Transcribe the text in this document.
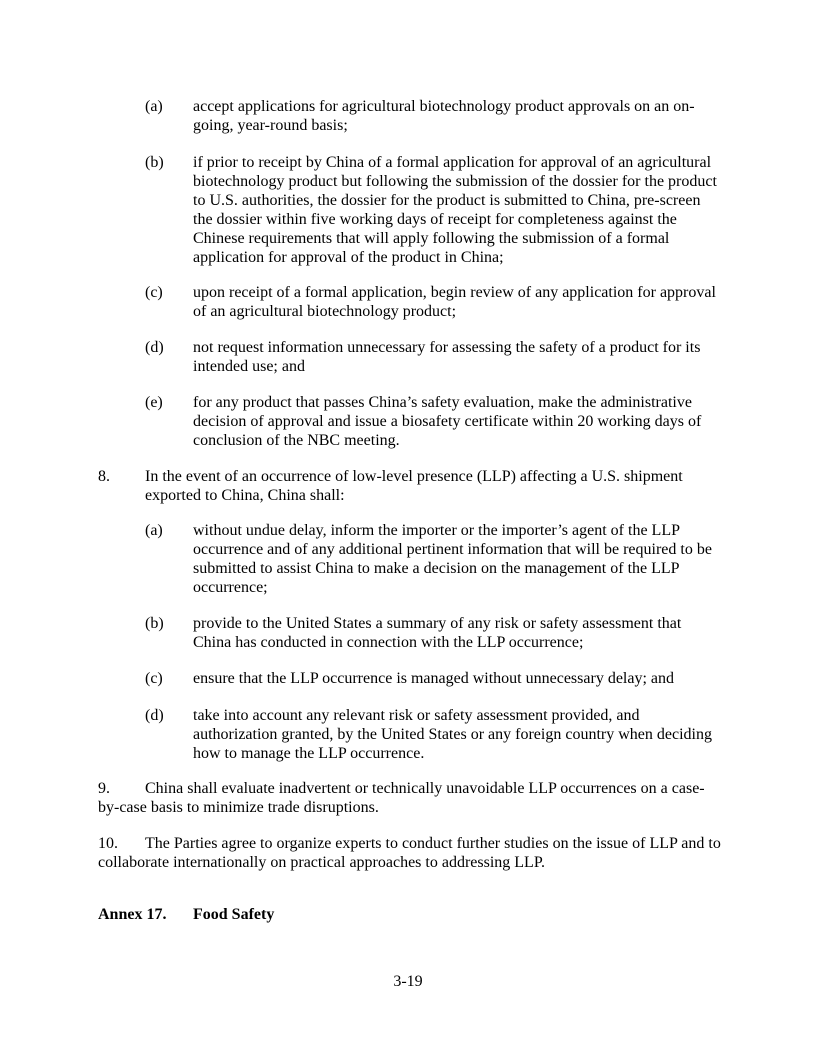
(a) accept applications for agricultural biotechnology product approvals on an on-going, year-round basis;
(b) if prior to receipt by China of a formal application for approval of an agricultural biotechnology product but following the submission of the dossier for the product to U.S. authorities, the dossier for the product is submitted to China, pre-screen the dossier within five working days of receipt for completeness against the Chinese requirements that will apply following the submission of a formal application for approval of the product in China;
(c) upon receipt of a formal application, begin review of any application for approval of an agricultural biotechnology product;
(d) not request information unnecessary for assessing the safety of a product for its intended use; and
(e) for any product that passes China’s safety evaluation, make the administrative decision of approval and issue a biosafety certificate within 20 working days of conclusion of the NBC meeting.
8. In the event of an occurrence of low-level presence (LLP) affecting a U.S. shipment exported to China, China shall:
(a) without undue delay, inform the importer or the importer’s agent of the LLP occurrence and of any additional pertinent information that will be required to be submitted to assist China to make a decision on the management of the LLP occurrence;
(b) provide to the United States a summary of any risk or safety assessment that China has conducted in connection with the LLP occurrence;
(c) ensure that the LLP occurrence is managed without unnecessary delay; and
(d) take into account any relevant risk or safety assessment provided, and authorization granted, by the United States or any foreign country when deciding how to manage the LLP occurrence.
9. China shall evaluate inadvertent or technically unavoidable LLP occurrences on a case-by-case basis to minimize trade disruptions.
10. The Parties agree to organize experts to conduct further studies on the issue of LLP and to collaborate internationally on practical approaches to addressing LLP.
Annex 17. Food Safety
3-19
